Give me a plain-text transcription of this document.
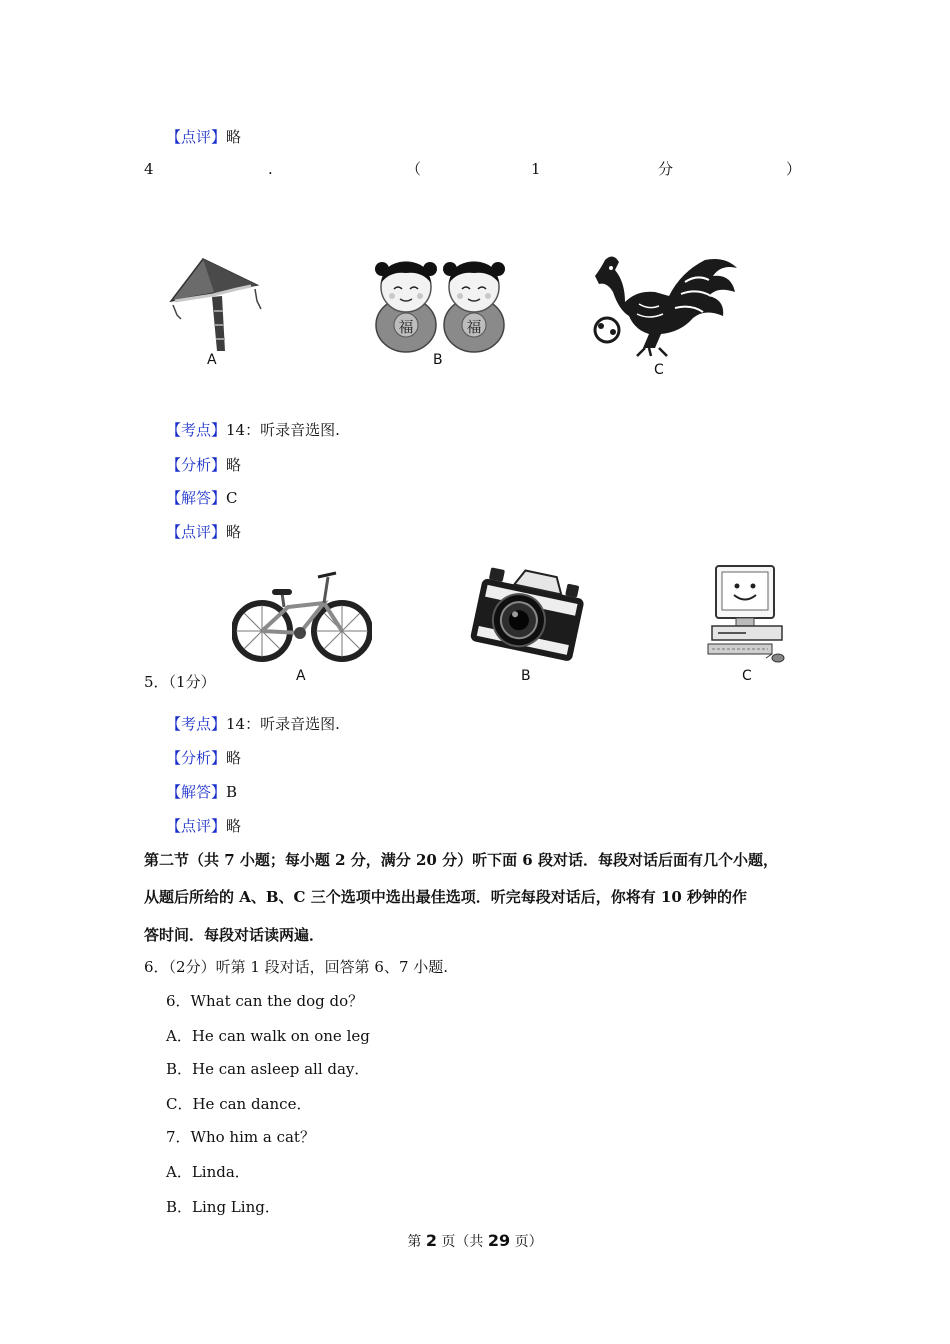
【点评】略
4	.	（	1	分	）
A
福	福
B
C
【考点】14：听录音选图.
【分析】略
【解答】C
【点评】略
A	B	C
5．（1分）
【考点】14：听录音选图.
【分析】略
【解答】B
【点评】略
第二节（共 7 小题；每小题 2 分，满分 20 分）听下面 6 段对话．每段对话后面有几个小题，
从题后所给的 A、B、C 三个选项中选出最佳选项．听完每段对话后，你将有 10 秒钟的作
答时间．每段对话读两遍．
6．（2分）听第 1 段对话，回答第 6、7 小题.
6．What can the dog do？
A．He can walk on one leg
B．He can asleep all day．
C．He can dance．
7．Who him a cat？
A．Linda．
B．Ling Ling．
第 2 页（共 29 页）
